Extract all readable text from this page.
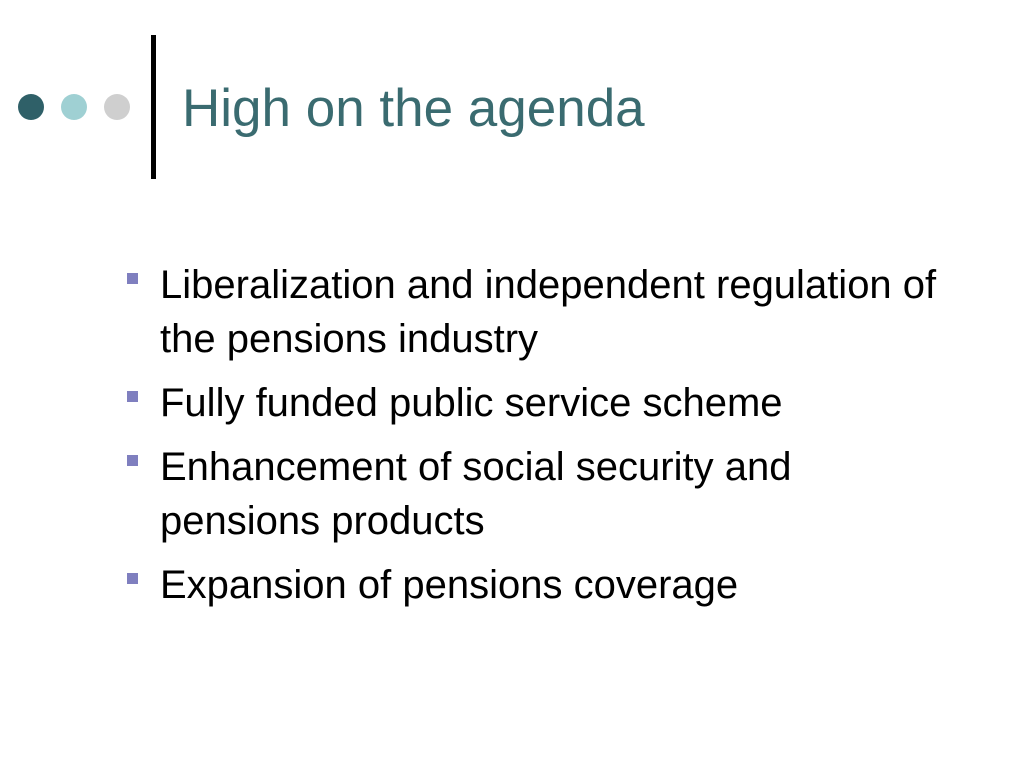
High on the agenda
Liberalization and independent regulation of the pensions industry
Fully funded public service scheme
Enhancement of social security and pensions products
Expansion of pensions coverage
